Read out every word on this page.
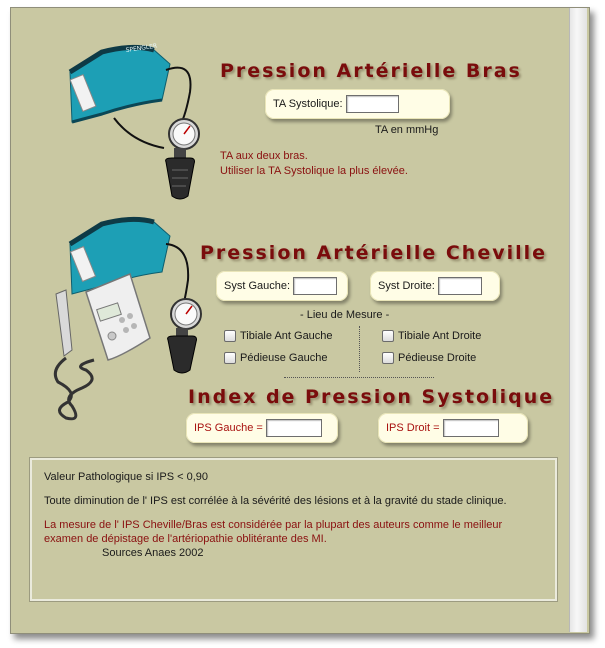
SPENGLER
Pression Artérielle Bras
TA Systolique:
TA en mmHg
TA aux deux bras.
Utiliser la TA Systolique la plus élevée.
Pression Artérielle Cheville
Syst Gauche:	Syst Droite:
- Lieu de Mesure -
Tibiale Ant Gauche	Tibiale Ant Droite
Pédieuse Gauche	Pédieuse Droite
Index de Pression Systolique
IPS Gauche =	IPS Droit =

Valeur Pathologique si IPS < 0,90

Toute diminution de l' IPS est corrélée à la sévérité des lésions et à la gravité du stade clinique.

La mesure de l' IPS Cheville/Bras est considérée par la plupart des auteurs comme le meilleur examen de dépistage de l'artériopathie oblitérante des MI.

Sources Anaes 2002
